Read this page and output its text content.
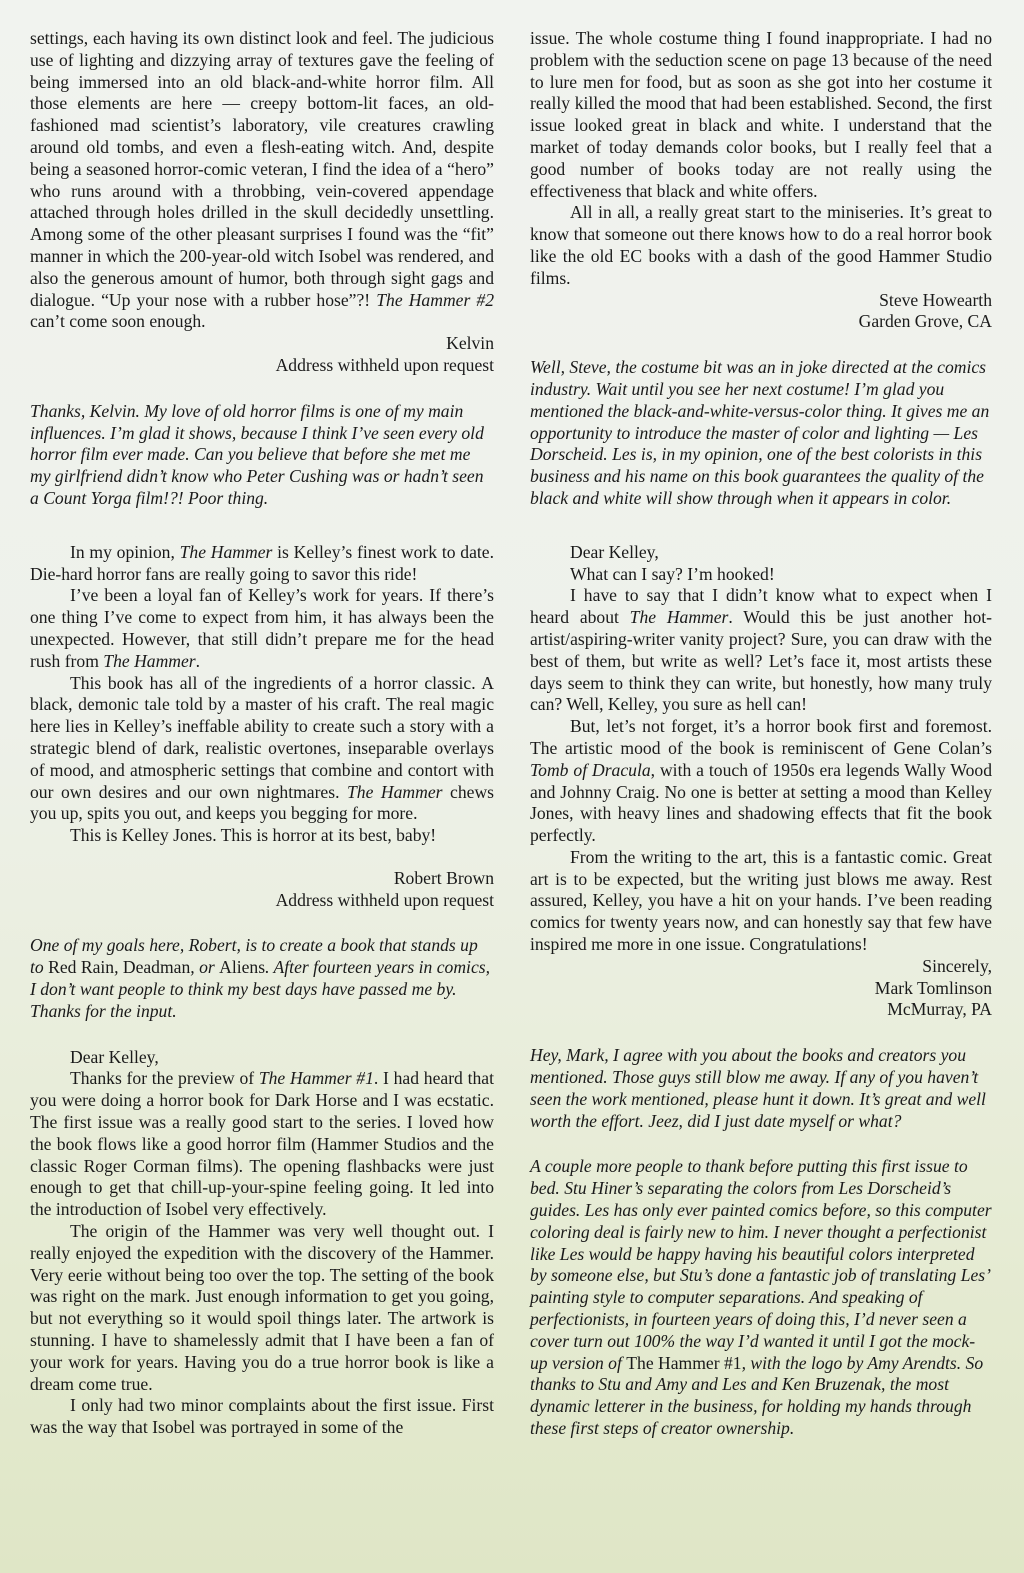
settings, each having its own distinct look and feel. The judicious use of lighting and dizzying array of textures gave the feeling of being immersed into an old black-and-white horror film. All those elements are here — creepy bottom-lit faces, an old-fashioned mad scientist’s laboratory, vile creatures crawling around old tombs, and even a flesh-eating witch. And, despite being a seasoned horror-comic veteran, I find the idea of a “hero” who runs around with a throbbing, vein-covered appendage attached through holes drilled in the skull decidedly unsettling. Among some of the other pleasant surprises I found was the “fit” manner in which the 200-year-old witch Isobel was rendered, and also the generous amount of humor, both through sight gags and dialogue. “Up your nose with a rubber hose”?! The Hammer #2 can’t come soon enough.

Kelvin

Address withheld upon request

Thanks, Kelvin. My love of old horror films is one of my main influences. I’m glad it shows, because I think I’ve seen every old horror film ever made. Can you believe that before she met me my girlfriend didn’t know who Peter Cushing was or hadn’t seen a Count Yorga film!?! Poor thing.

In my opinion, The Hammer is Kelley’s finest work to date. Die-hard horror fans are really going to savor this ride!

I’ve been a loyal fan of Kelley’s work for years. If there’s one thing I’ve come to expect from him, it has always been the unexpected. However, that still didn’t prepare me for the head rush from The Hammer.

This book has all of the ingredients of a horror classic. A black, demonic tale told by a master of his craft. The real magic here lies in Kelley’s ineffable ability to create such a story with a strategic blend of dark, realistic overtones, inseparable overlays of mood, and atmospheric settings that combine and contort with our own desires and our own nightmares. The Hammer chews you up, spits you out, and keeps you begging for more.

This is Kelley Jones. This is horror at its best, baby!

Robert Brown

Address withheld upon request

One of my goals here, Robert, is to create a book that stands up to Red Rain, Deadman, or Aliens. After fourteen years in comics, I don’t want people to think my best days have passed me by. Thanks for the input.

Dear Kelley,

Thanks for the preview of The Hammer #1. I had heard that you were doing a horror book for Dark Horse and I was ecstatic. The first issue was a really good start to the series. I loved how the book flows like a good horror film (Hammer Studios and the classic Roger Corman films). The opening flashbacks were just enough to get that chill-up-your-spine feeling going. It led into the introduction of Isobel very effectively.

The origin of the Hammer was very well thought out. I really enjoyed the expedition with the discovery of the Hammer. Very eerie without being too over the top. The setting of the book was right on the mark. Just enough information to get you going, but not everything so it would spoil things later. The artwork is stunning. I have to shamelessly admit that I have been a fan of your work for years. Having you do a true horror book is like a dream come true.

I only had two minor complaints about the first issue. First was the way that Isobel was portrayed in some of the

issue. The whole costume thing I found inappropriate. I had no problem with the seduction scene on page 13 because of the need to lure men for food, but as soon as she got into her costume it really killed the mood that had been established. Second, the first issue looked great in black and white. I understand that the market of today demands color books, but I really feel that a good number of books today are not really using the effectiveness that black and white offers.

All in all, a really great start to the miniseries. It’s great to know that someone out there knows how to do a real horror book like the old EC books with a dash of the good Hammer Studio films.

Steve Howearth

Garden Grove, CA

Well, Steve, the costume bit was an in joke directed at the comics industry. Wait until you see her next costume! I’m glad you mentioned the black-and-white-versus-color thing. It gives me an opportunity to introduce the master of color and lighting — Les Dorscheid. Les is, in my opinion, one of the best colorists in this business and his name on this book guarantees the quality of the black and white will show through when it appears in color.

Dear Kelley,

What can I say? I’m hooked!

I have to say that I didn’t know what to expect when I heard about The Hammer. Would this be just another hot-artist/aspiring-writer vanity project? Sure, you can draw with the best of them, but write as well? Let’s face it, most artists these days seem to think they can write, but honestly, how many truly can? Well, Kelley, you sure as hell can!

But, let’s not forget, it’s a horror book first and foremost. The artistic mood of the book is reminiscent of Gene Colan’s Tomb of Dracula, with a touch of 1950s era legends Wally Wood and Johnny Craig. No one is better at setting a mood than Kelley Jones, with heavy lines and shadowing effects that fit the book perfectly.

From the writing to the art, this is a fantastic comic. Great art is to be expected, but the writing just blows me away. Rest assured, Kelley, you have a hit on your hands. I’ve been reading comics for twenty years now, and can honestly say that few have inspired me more in one issue. Congratulations!

Sincerely,

Mark Tomlinson

McMurray, PA

Hey, Mark, I agree with you about the books and creators you mentioned. Those guys still blow me away. If any of you haven’t seen the work mentioned, please hunt it down. It’s great and well worth the effort. Jeez, did I just date myself or what?

A couple more people to thank before putting this first issue to bed. Stu Hiner’s separating the colors from Les Dorscheid’s guides. Les has only ever painted comics before, so this computer coloring deal is fairly new to him. I never thought a perfectionist like Les would be happy having his beautiful colors interpreted by someone else, but Stu’s done a fantastic job of translating Les’ painting style to computer separations. And speaking of perfectionists, in fourteen years of doing this, I’d never seen a cover turn out 100% the way I’d wanted it until I got the mock-up version of The Hammer #1, with the logo by Amy Arendts. So thanks to Stu and Amy and Les and Ken Bruzenak, the most dynamic letterer in the business, for holding my hands through these first steps of creator ownership.
